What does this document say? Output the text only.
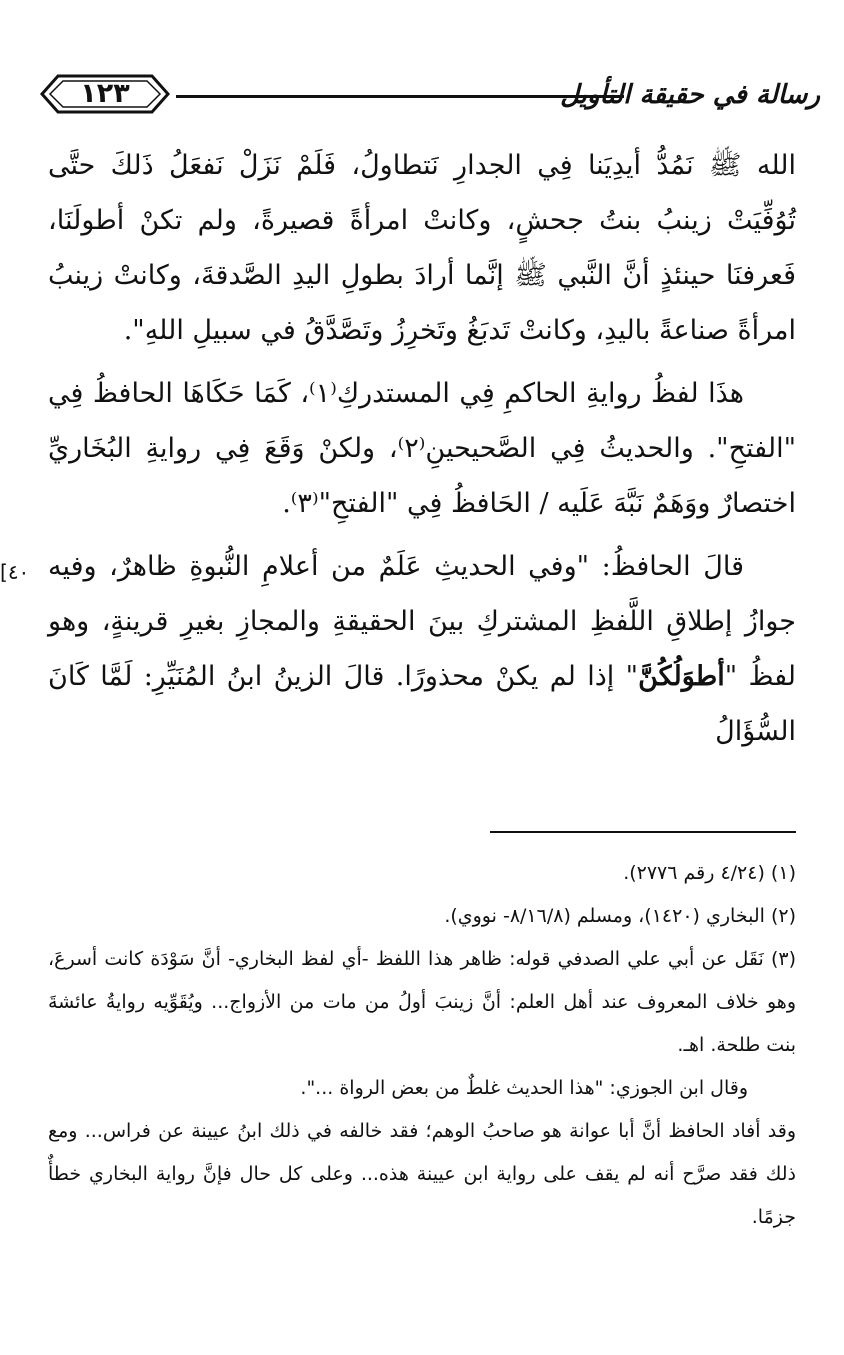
١٢٣	رسالة في حقيقة التأويل

الله ﷺ نَمُدُّ أيدِيَنا فِي الجدارِ نَتطاولُ، فَلَمْ نَزَلْ نَفعَلُ ذَلكَ حتَّى تُوُفِّيَتْ زينبُ بنتُ جحشٍ، وكانتْ امرأةً قصيرةً، ولم تكنْ أطولَنَا، فَعرفنَا حينئذٍ أنَّ النَّبي ﷺ إنَّما أرادَ بطولِ اليدِ الصَّدقةَ، وكانتْ زينبُ امرأةً صناعةً باليدِ، وكانتْ تَدبَغُ وتَخرِزُ وتَصَّدَّقُ في سبيلِ اللهِ".

هذَا لفظُ روايةِ الحاكمِ فِي المستدركِ⁽١⁾، كَمَا حَكَاهَا الحافظُ فِي "الفتحِ". والحديثُ فِي الصَّحيحينِ⁽٢⁾، ولكنْ وَقَعَ فِي روايةِ البُخَاريِّ اختصارٌ ووَهَمٌ نَبَّهَ عَلَيه / الحَافظُ فِي "الفتحِ"⁽٣⁾.

قالَ الحافظُ: "وفي الحديثِ عَلَمٌ من أعلامِ النُّبوةِ ظاهرٌ، وفيه جوازُ إطلاقِ اللَّفظِ المشتركِ بينَ الحقيقةِ والمجازِ بغيرِ قرينةٍ، وهو لفظُ "أطوَلُكُنَّ" إذا لم يكنْ محذورًا. قالَ الزينُ ابنُ المُنَيِّرِ: لَمَّا كَانَ السُّؤَالُ

[٤٠

(١) (٤/٢٤ رقم ٢٧٧٦).

(٢) البخاري (١٤٢٠)، ومسلم (٨/١٦/٨- نووي).

(٣) نَقَل عن أبي علي الصدفي قوله: ظاهر هذا اللفظ -أي لفظ البخاري- أنَّ سَوْدَة كانت أسرعَ، وهو خلاف المعروف عند أهل العلم: أنَّ زينبَ أولُ من مات من الأزواج... ويُقَوِّيه روايةُ عائشةَ بنت طلحة. اهـ.

وقال ابن الجوزي: "هذا الحديث غلطٌ من بعض الرواة ...".

وقد أفاد الحافظ أنَّ أبا عوانة هو صاحبُ الوهم؛ فقد خالفه في ذلك ابنُ عيينة عن فراس... ومع ذلك فقد صرَّح أنه لم يقف على رواية ابن عيينة هذه... وعلى كل حال فإنَّ رواية البخاري خطأٌ جزمًا.
